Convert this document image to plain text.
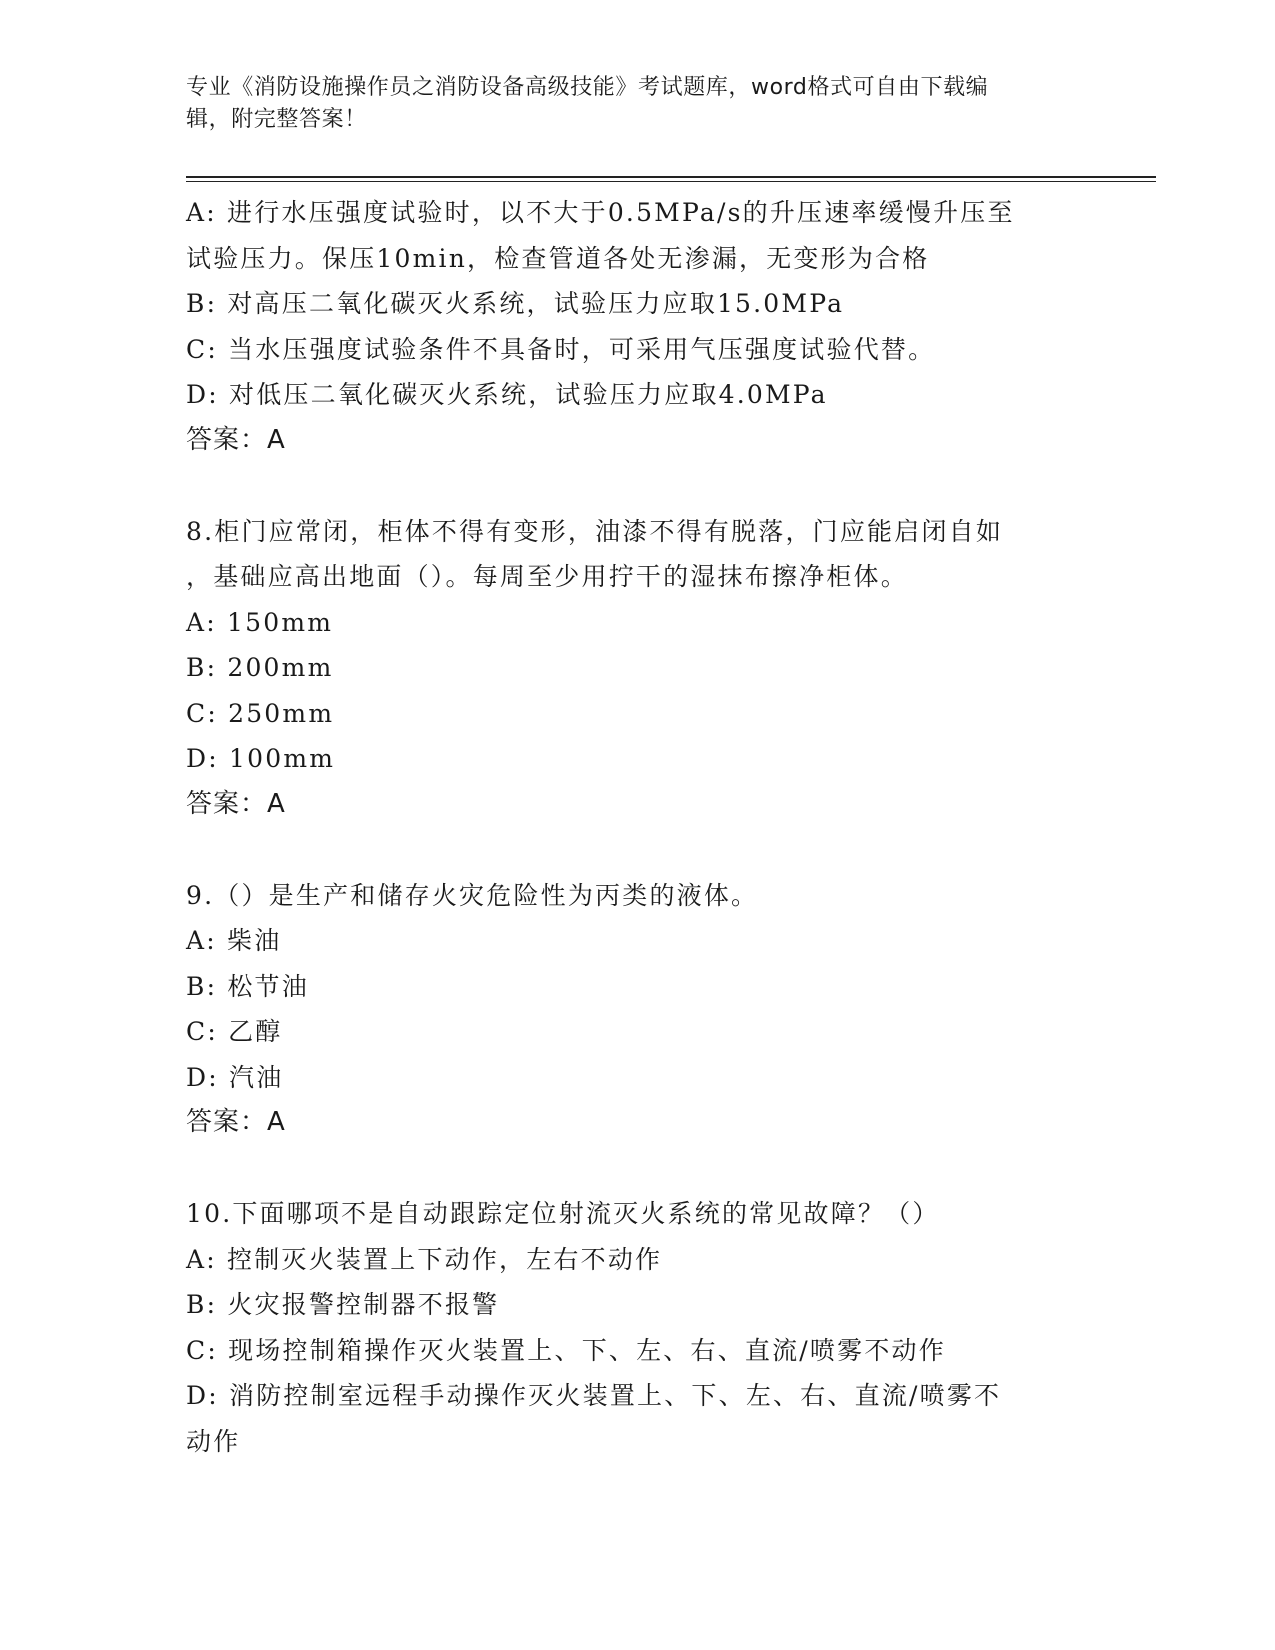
专业《消防设施操作员之消防设备高级技能》考试题库，word格式可自由下载编
辑，附完整答案！
A: 进行水压强度试验时，以不大于0.5MPa/s的升压速率缓慢升压至
试验压力。保压10min，检查管道各处无渗漏，无变形为合格
B: 对高压二氧化碳灭火系统，试验压力应取15.0MPa
C: 当水压强度试验条件不具备时，可采用气压强度试验代替。
D: 对低压二氧化碳灭火系统，试验压力应取4.0MPa
答案：A
8.柜门应常闭，柜体不得有变形，油漆不得有脱落，门应能启闭自如
，基础应高出地面（）。每周至少用拧干的湿抹布擦净柜体。
A: 150mm
B: 200mm
C: 250mm
D: 100mm
答案：A
9.（）是生产和储存火灾危险性为丙类的液体。
A: 柴油
B: 松节油
C: 乙醇
D: 汽油
答案：A
10.下面哪项不是自动跟踪定位射流灭火系统的常见故障？（）
A: 控制灭火装置上下动作，左右不动作
B: 火灾报警控制器不报警
C: 现场控制箱操作灭火装置上、下、左、右、直流/喷雾不动作
D: 消防控制室远程手动操作灭火装置上、下、左、右、直流/喷雾不
动作
